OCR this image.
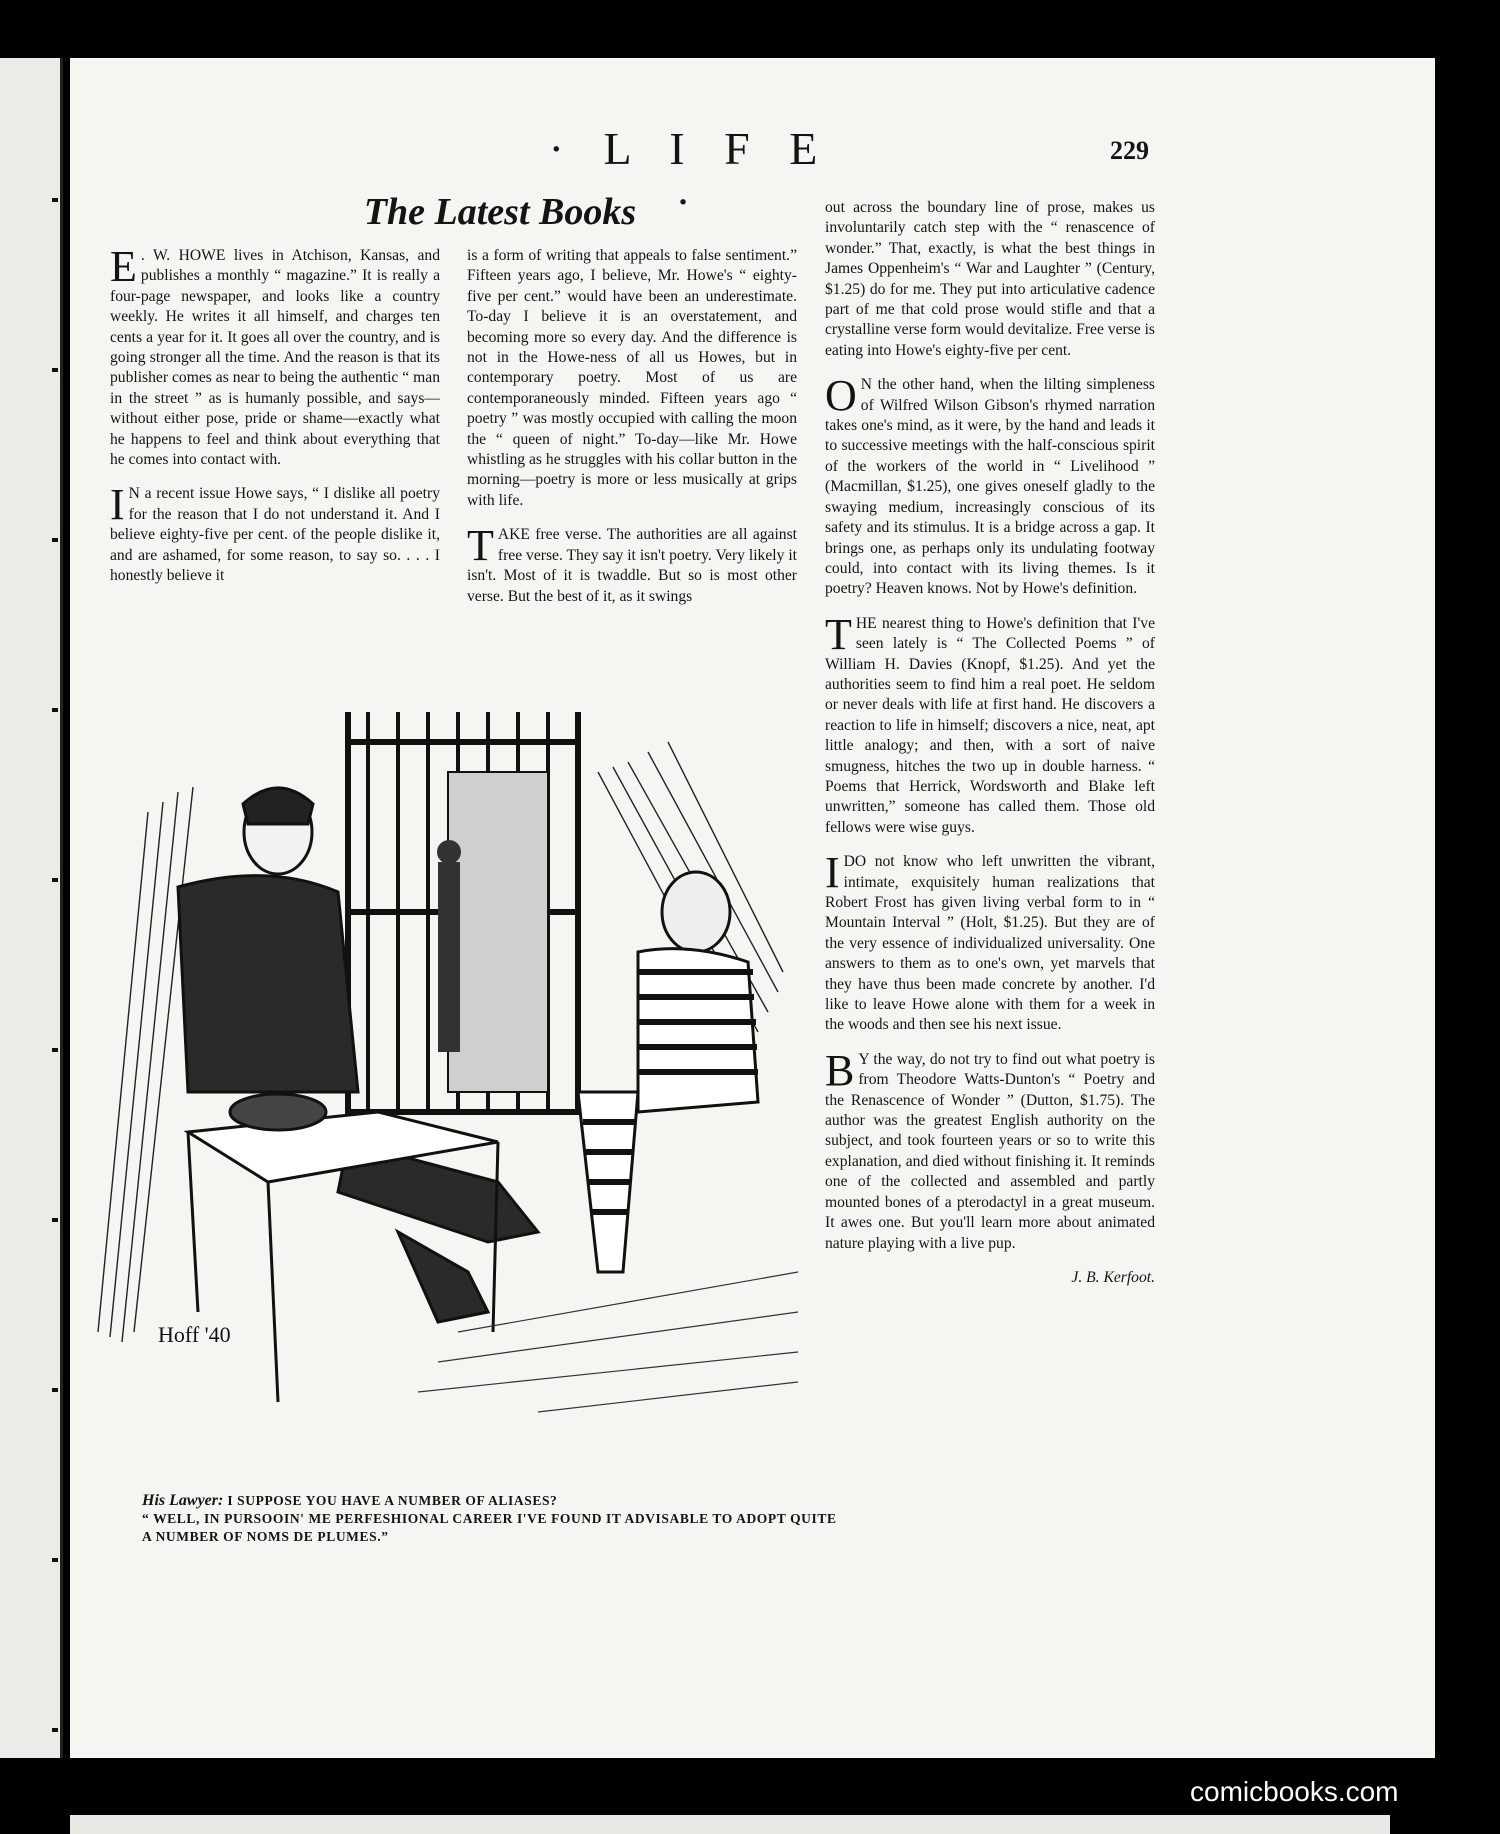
· L I F E ·
229
The Latest Books

E . W. HOWE lives in Atchison, Kansas, and publishes a monthly “ magazine.” It is really a four-page newspaper, and looks like a country weekly. He writes it all himself, and charges ten cents a year for it. It goes all over the country, and is going stronger all the time. And the reason is that its publisher comes as near to being the authentic “ man in the street ” as is humanly possible, and says—without either pose, pride or shame—exactly what he happens to feel and think about everything that he comes into contact with.

I N a recent issue Howe says, “ I dislike all poetry for the reason that I do not understand it. And I believe eighty-five per cent. of the people dislike it, and are ashamed, for some reason, to say so. . . . I honestly believe it

is a form of writing that appeals to false sentiment.” Fifteen years ago, I believe, Mr. Howe's “ eighty-five per cent.” would have been an underestimate. To-day I believe it is an overstatement, and becoming more so every day. And the difference is not in the Howe-ness of all us Howes, but in contemporary poetry. Most of us are contemporaneously minded. Fifteen years ago “ poetry ” was mostly occupied with calling the moon the “ queen of night.” To-day—like Mr. Howe whistling as he struggles with his collar button in the morning—poetry is more or less musically at grips with life.

TAKE free verse. The authorities are all against free verse. They say it isn't poetry. Very likely it isn't. Most of it is twaddle. But so is most other verse. But the best of it, as it swings

out across the boundary line of prose, makes us involuntarily catch step with the “ renascence of wonder.” That, exactly, is what the best things in James Oppenheim's “ War and Laughter ” (Century, $1.25) do for me. They put into articulative cadence part of me that cold prose would stifle and that a crystalline verse form would devitalize. Free verse is eating into Howe's eighty-five per cent.

O N the other hand, when the lilting simpleness of Wilfred Wilson Gibson's rhymed narration takes one's mind, as it were, by the hand and leads it to successive meetings with the half-conscious spirit of the workers of the world in “ Livelihood ” (Macmillan, $1.25), one gives oneself gladly to the swaying medium, increasingly conscious of its safety and its stimulus. It is a bridge across a gap. It brings one, as perhaps only its undulating footway could, into contact with its living themes. Is it poetry? Heaven knows. Not by Howe's definition.

THE nearest thing to Howe's definition that I've seen lately is “ The Collected Poems ” of William H. Davies (Knopf, $1.25). And yet the authorities seem to find him a real poet. He seldom or never deals with life at first hand. He discovers a reaction to life in himself; discovers a nice, neat, apt little analogy; and then, with a sort of naive smugness, hitches the two up in double harness. “ Poems that Herrick, Wordsworth and Blake left unwritten,” someone has called them. Those old fellows were wise guys.

I DO not know who left unwritten the vibrant, intimate, exquisitely human realizations that Robert Frost has given living verbal form to in “ Mountain Interval ” (Holt, $1.25). But they are of the very essence of individualized universality. One answers to them as to one's own, yet marvels that they have thus been made concrete by another. I'd like to leave Howe alone with them for a week in the woods and then see his next issue.

B Y the way, do not try to find out what poetry is from Theodore Watts-Dunton's “ Poetry and the Renascence of Wonder ” (Dutton, $1.75). The author was the greatest English authority on the subject, and took fourteen years or so to write this explanation, and died without finishing it. It reminds one of the collected and assembled and partly mounted bones of a pterodactyl in a great museum. It awes one. But you'll learn more about animated nature playing with a live pup.

J. B. Kerfoot.

Hoff '40
His Lawyer: I SUPPOSE YOU HAVE A NUMBER OF ALIASES?
“ WELL, IN PURSOOIN' ME PERFESHIONAL CAREER I'VE FOUND IT ADVISABLE TO ADOPT QUITE A NUMBER OF NOMS DE PLUMES.”
comicbooks.com
